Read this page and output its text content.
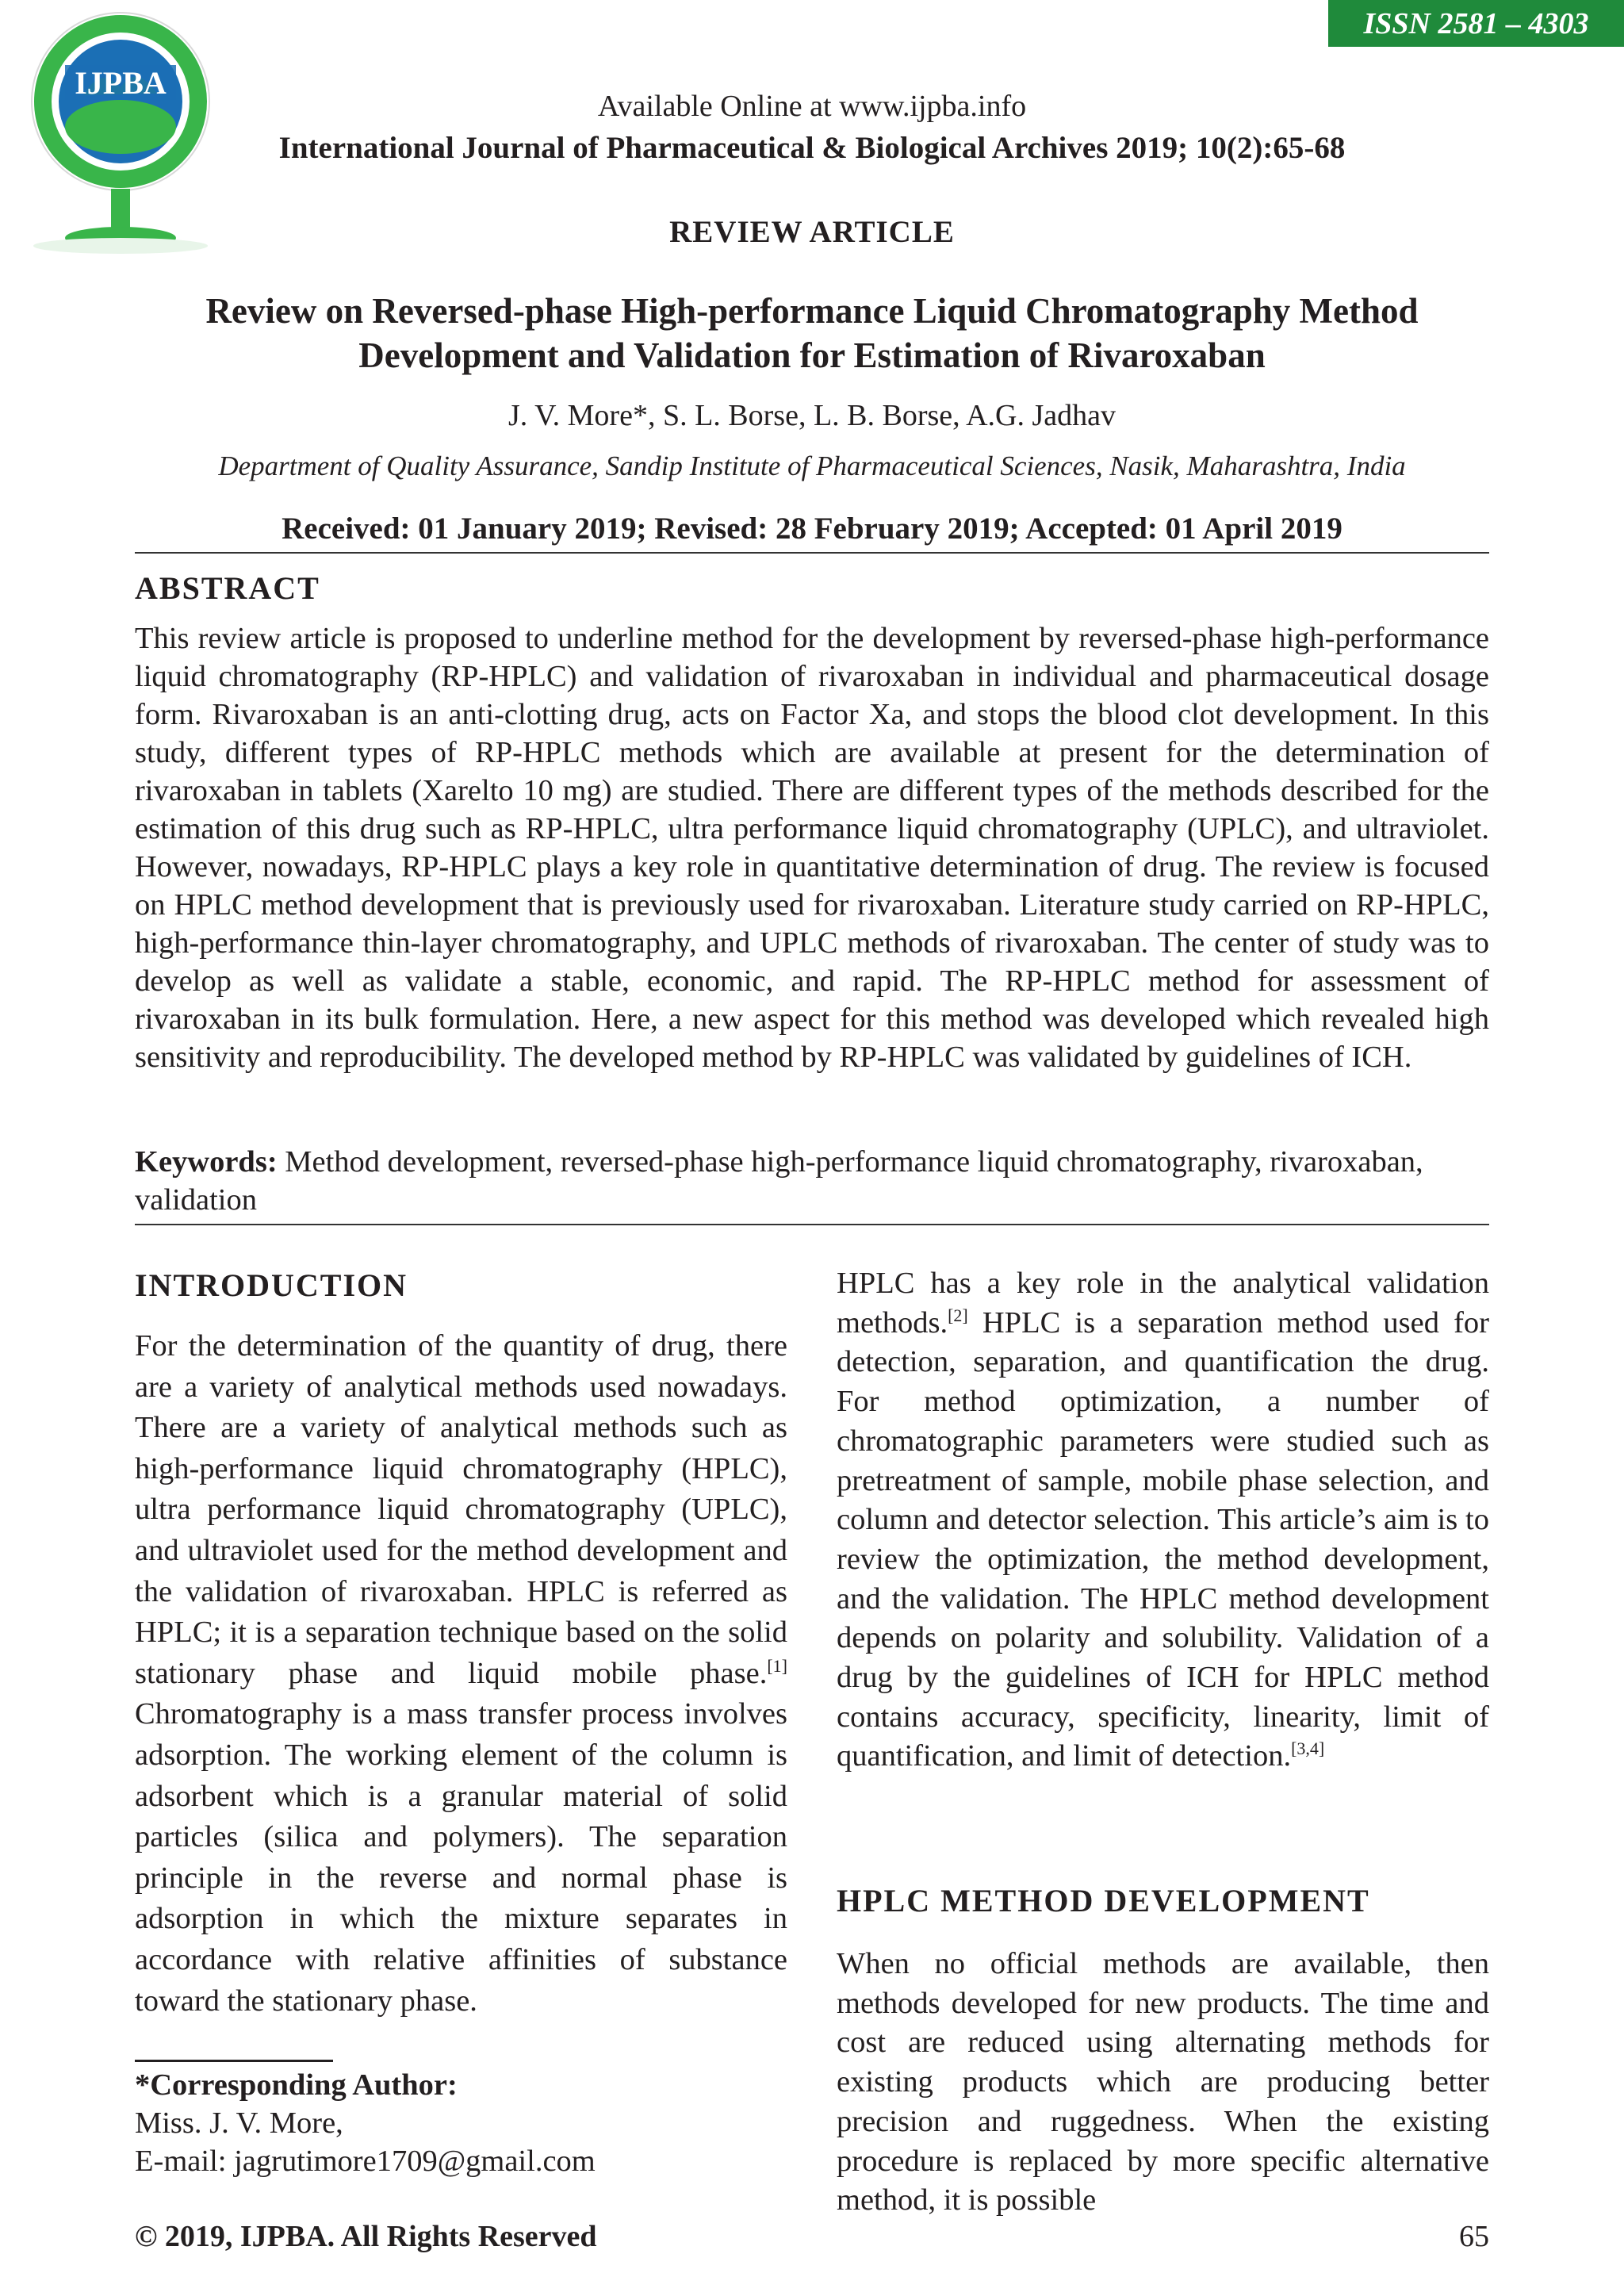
ISSN 2581 – 4303
IJPBA
Available Online at www.ijpba.info
International Journal of Pharmaceutical & Biological Archives 2019; 10(2):65-68
REVIEW ARTICLE
Review on Reversed-phase High-performance Liquid Chromatography Method
Development and Validation for Estimation of Rivaroxaban
J. V. More*, S. L. Borse, L. B. Borse, A.G. Jadhav
Department of Quality Assurance, Sandip Institute of Pharmaceutical Sciences, Nasik, Maharashtra, India
Received: 01 January 2019; Revised: 28 February 2019; Accepted: 01 April 2019
ABSTRACT
This review article is proposed to underline method for the development by reversed-phase high-performance liquid chromatography (RP-HPLC) and validation of rivaroxaban in individual and pharmaceutical dosage form. Rivaroxaban is an anti-clotting drug, acts on Factor Xa, and stops the blood clot development. In this study, different types of RP-HPLC methods which are available at present for the determination of rivaroxaban in tablets (Xarelto 10 mg) are studied. There are different types of the methods described for the estimation of this drug such as RP-HPLC, ultra performance liquid chromatography (UPLC), and ultraviolet. However, nowadays, RP-HPLC plays a key role in quantitative determination of drug. The review is focused on HPLC method development that is previously used for rivaroxaban. Literature study carried on RP-HPLC, high-performance thin-layer chromatography, and UPLC methods of rivaroxaban. The center of study was to develop as well as validate a stable, economic, and rapid. The RP-HPLC method for assessment of rivaroxaban in its bulk formulation. Here, a new aspect for this method was developed which revealed high sensitivity and reproducibility. The developed method by RP-HPLC was validated by guidelines of ICH.
Keywords: Method development, reversed-phase high-performance liquid chromatography, rivaroxaban, validation
INTRODUCTION

For the determination of the quantity of drug, there are a variety of analytical methods used nowadays. There are a variety of analytical methods such as high-performance liquid chromatography (HPLC), ultra performance liquid chromatography (UPLC), and ultraviolet used for the method development and the validation of rivaroxaban. HPLC is referred as HPLC; it is a separation technique based on the solid stationary phase and liquid mobile phase.[1] Chromatography is a mass transfer process involves adsorption. The working element of the column is adsorbent which is a granular material of solid particles (silica and polymers). The separation principle in the reverse and normal phase is adsorption in which the mixture separates in accordance with relative affinities of substance toward the stationary phase.

HPLC has a key role in the analytical validation methods.[2] HPLC is a separation method used for detection, separation, and quantification the drug. For method optimization, a number of chromatographic parameters were studied such as pretreatment of sample, mobile phase selection, and column and detector selection. This article’s aim is to review the optimization, the method development, and the validation. The HPLC method development depends on polarity and solubility. Validation of a drug by the guidelines of ICH for HPLC method contains accuracy, specificity, linearity, limit of quantification, and limit of detection.[3,4]

HPLC METHOD DEVELOPMENT

When no official methods are available, then methods developed for new products. The time and cost are reduced using alternating methods for existing products which are producing better precision and ruggedness. When the existing procedure is replaced by more specific alternative method, it is possible

*Corresponding Author:
Miss. J. V. More,
E-mail: jagrutimore1709@gmail.com
© 2019, IJPBA. All Rights Reserved	65
